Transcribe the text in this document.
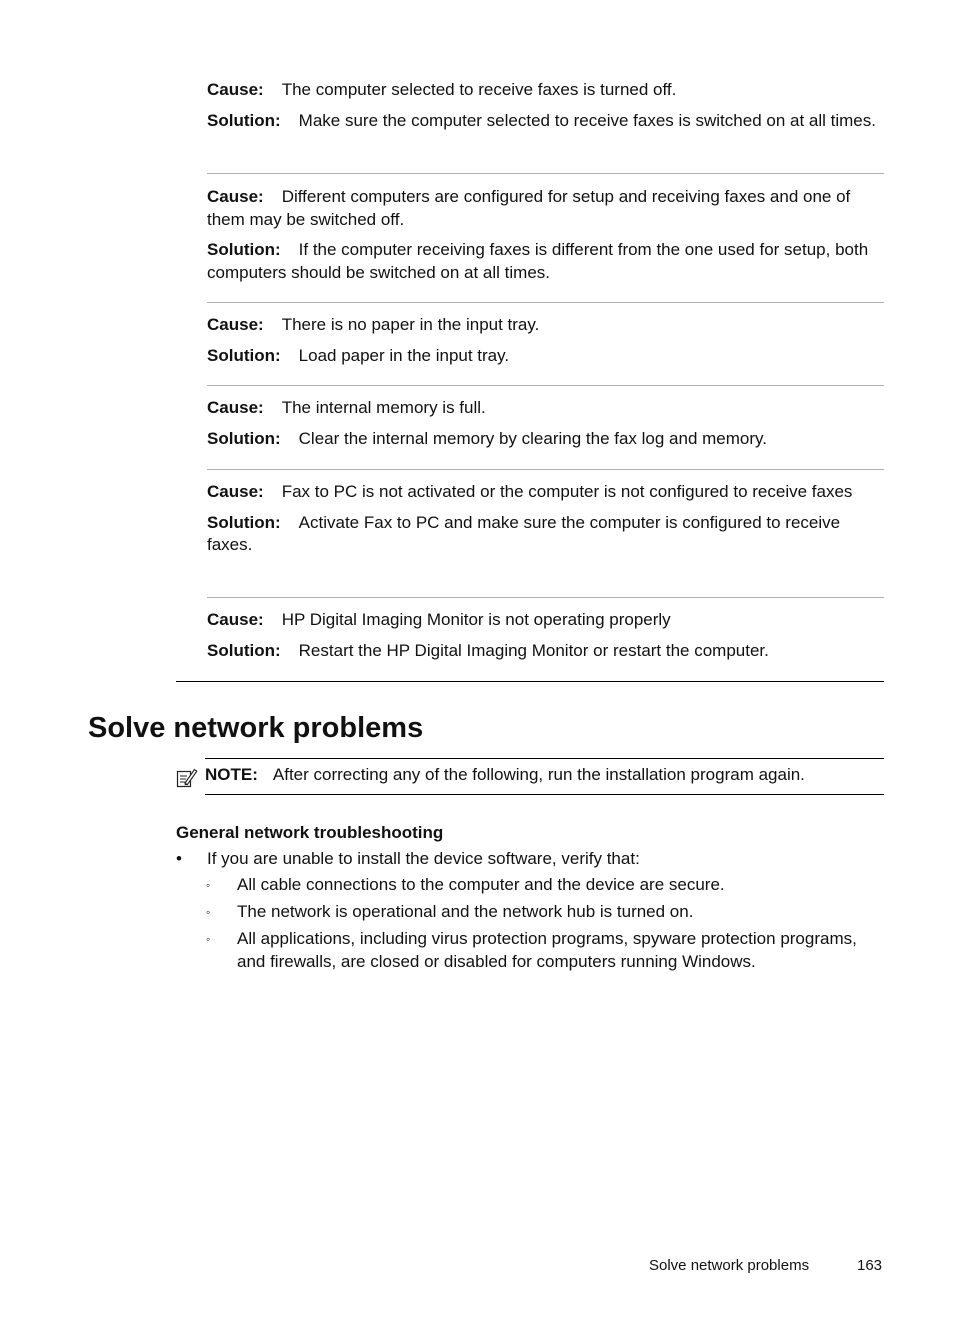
Cause: The computer selected to receive faxes is turned off.

Solution: Make sure the computer selected to receive faxes is switched on at all times.

Cause: Different computers are configured for setup and receiving faxes and one of them may be switched off.

Solution: If the computer receiving faxes is different from the one used for setup, both computers should be switched on at all times.

Cause: There is no paper in the input tray.

Solution: Load paper in the input tray.

Cause: The internal memory is full.

Solution: Clear the internal memory by clearing the fax log and memory.

Cause: Fax to PC is not activated or the computer is not configured to receive faxes

Solution: Activate Fax to PC and make sure the computer is configured to receive faxes.

Cause: HP Digital Imaging Monitor is not operating properly

Solution: Restart the HP Digital Imaging Monitor or restart the computer.

Solve network problems
NOTE: After correcting any of the following, run the installation program again.
General network troubleshooting
• If you are unable to install the device software, verify that:
◦ All cable connections to the computer and the device are secure.
◦ The network is operational and the network hub is turned on.
◦ All applications, including virus protection programs, spyware protection programs, and firewalls, are closed or disabled for computers running Windows.
Solve network problems	163
